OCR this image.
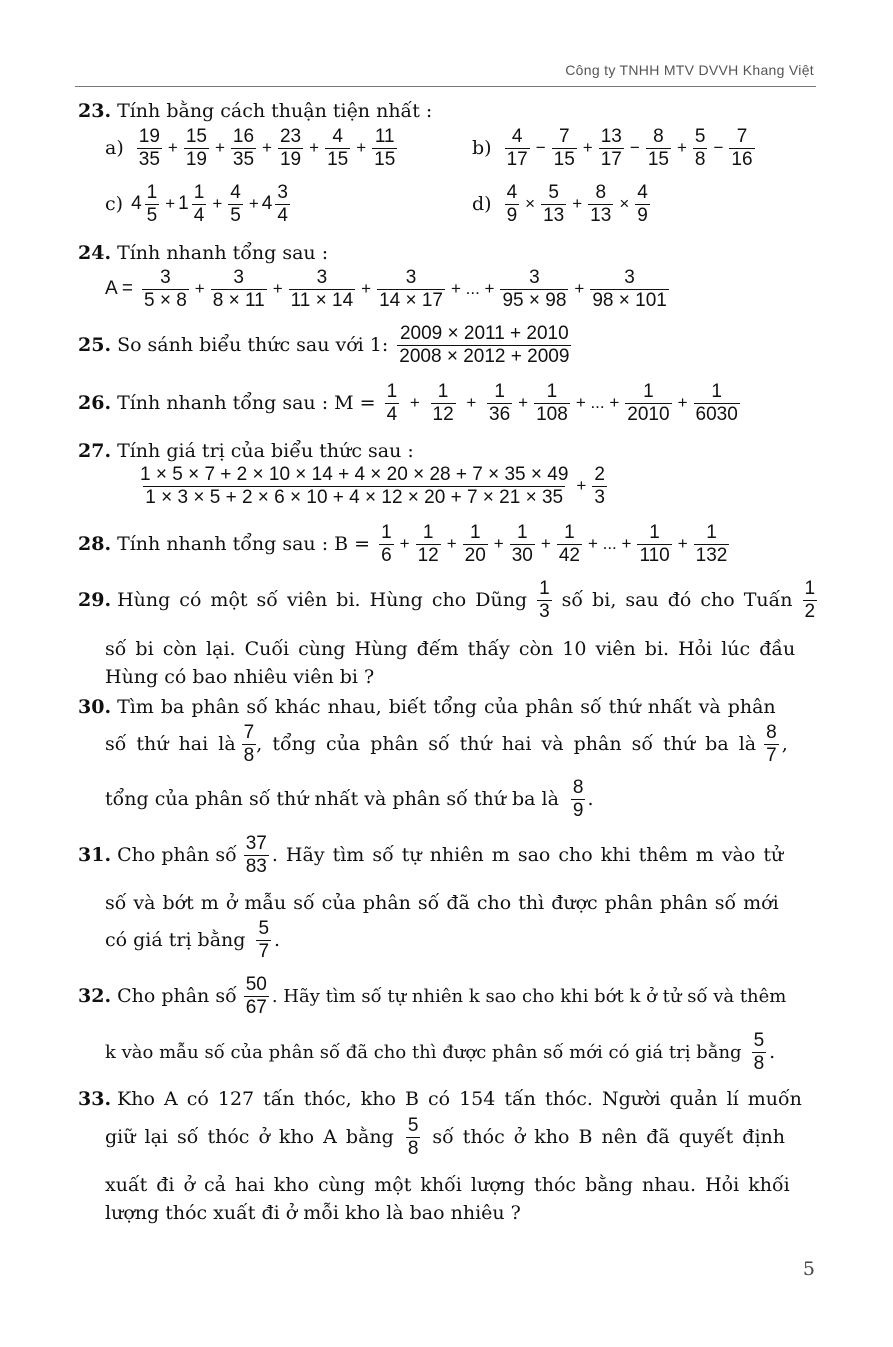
Công ty TNHH MTV DVVH Khang Việt
23. Tính bằng cách thuận tiện nhất :
$a) \frac{19}{35} + \frac{15}{19} + \frac{16}{35} + \frac{23}{19} + \frac{4}{15} + \frac{11}{15}$	$b) \frac{4}{17} - \frac{7}{15} + \frac{13}{17} - \frac{8}{15} + \frac{5}{8} - \frac{7}{16}$
c) $4 \frac{1}{5} + 1 \frac{1}{4} + \frac{4}{5} + 4 \frac{3}{4}$	$d) \frac{4}{9} \times \frac{5}{13} + \frac{8}{13} \times \frac{4}{9}$
24. Tính nhanh tổng sau :
$A = \frac{3}{5 \times 8} + \frac{3}{8 \times 11} + \frac{3}{11 \times 14} + \frac{3}{14 \times 17}$ + ... + $\frac{3}{95 \times 98} + \frac{3}{98 \times 101}$
25. So sánh biểu thức sau với 1: $\frac{2009 \times 2011 + 2010}{2008 \times 2012 + 2009}$
26. Tính nhanh tổng sau : $M = \frac{1}{4} + \frac{1}{12} + \frac{1}{36} + \frac{1}{108}$ + ... + $\frac{1}{2010} + \frac{1}{6030}$
27. Tính giá trị của biểu thức sau :
$\frac{1 \times 5 \times 7 + 2 \times 10 \times 14 + 4 \times 20 \times 28 + 7 \times 35 \times 49}{1 \times 3 \times 5 + 2 \times 6 \times 10 + 4 \times 12 \times 20 + 7 \times 21 \times 35} + \frac{2}{3}$
28. Tính nhanh tổng sau : $B = \frac{1}{6} + \frac{1}{12} + \frac{1}{20} + \frac{1}{30} + \frac{1}{42}$ + ... + $\frac{1}{110} + \frac{1}{132}$
29. Hùng có một số viên bi. Hùng cho Dũng $\frac{1}{3}$ số bi, sau đó cho Tuấn $\frac{1}{2}$
số bi còn lại. Cuối cùng Hùng đếm thấy còn 10 viên bi. Hỏi lúc đầu
Hùng có bao nhiêu viên bi ?
30. Tìm ba phân số khác nhau, biết tổng của phân số thứ nhất và phân
số thứ hai là $\frac{7}{8}$ , tổng của phân số thứ hai và phân số thứ ba là $\frac{8}{7}$ ,
tổng của phân số thứ nhất và phân số thứ ba là $\frac{8}{9}$ .
31. Cho phân số $\frac{37}{83}$ . Hãy tìm số tự nhiên m sao cho khi thêm m vào tử
số và bớt m ở mẫu số của phân số đã cho thì được phân phân số mới
có giá trị bằng $\frac{5}{7}$ .
32. Cho phân số $\frac{50}{67}$ . Hãy tìm số tự nhiên k sao cho khi bớt k ở tử số và thêm
k vào mẫu số của phân số đã cho thì được phân số mới có giá trị bằng $\frac{5}{8}$ .
33. Kho A có 127 tấn thóc, kho B có 154 tấn thóc. Người quản lí muốn
giữ lại số thóc ở kho A bằng $\frac{5}{8}$ số thóc ở kho B nên đã quyết định
xuất đi ở cả hai kho cùng một khối lượng thóc bằng nhau. Hỏi khối
lượng thóc xuất đi ở mỗi kho là bao nhiêu ?
5
